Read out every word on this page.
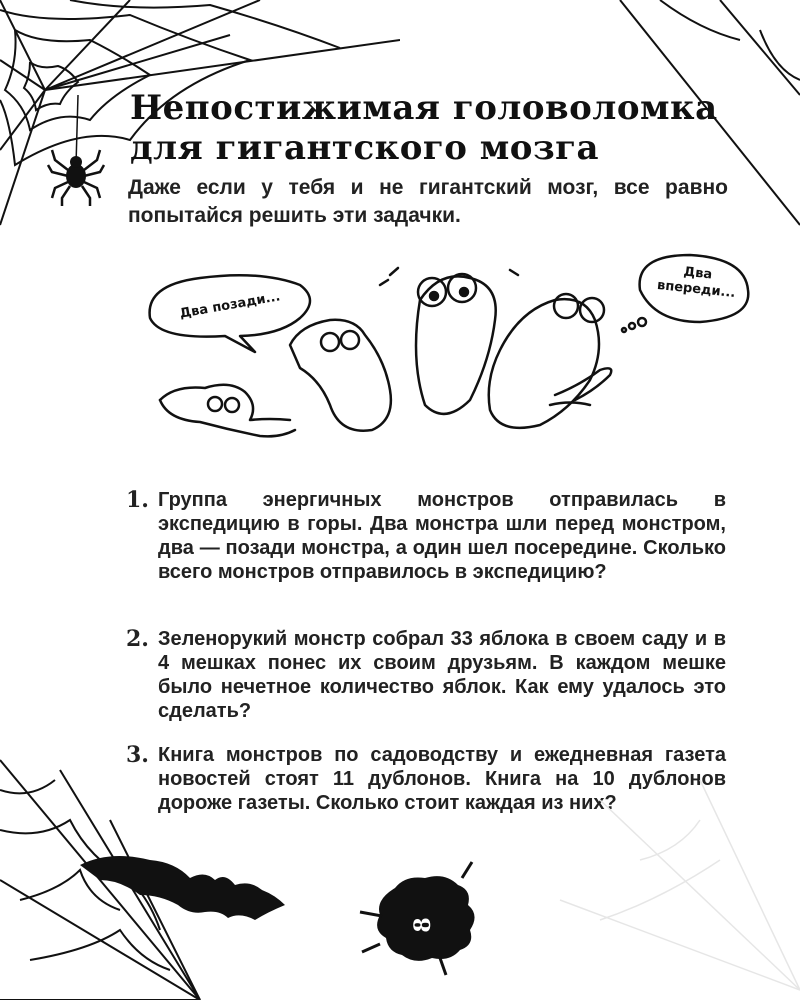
Непостижимая головоломка
для гигантского мозга
Даже если у тебя и не гигантский мозг, все равно попытайся решить эти задачки.
Два позади...
Два
впереди...
1. Группа энергичных монстров отправилась в экспедицию в горы. Два монстра шли перед монстром, два — позади монстра, а один шел посередине. Сколько всего монстров отправилось в экспедицию?
2. Зеленорукий монстр собрал 33 яблока в своем саду и в 4 мешках понес их своим друзьям. В каждом мешке было нечетное количество яблок. Как ему удалось это сделать?
3. Книга монстров по садоводству и ежедневная газета новостей стоят 11 дублонов. Книга на 10 дублонов дороже газеты. Сколько стоит каждая из них?
8
